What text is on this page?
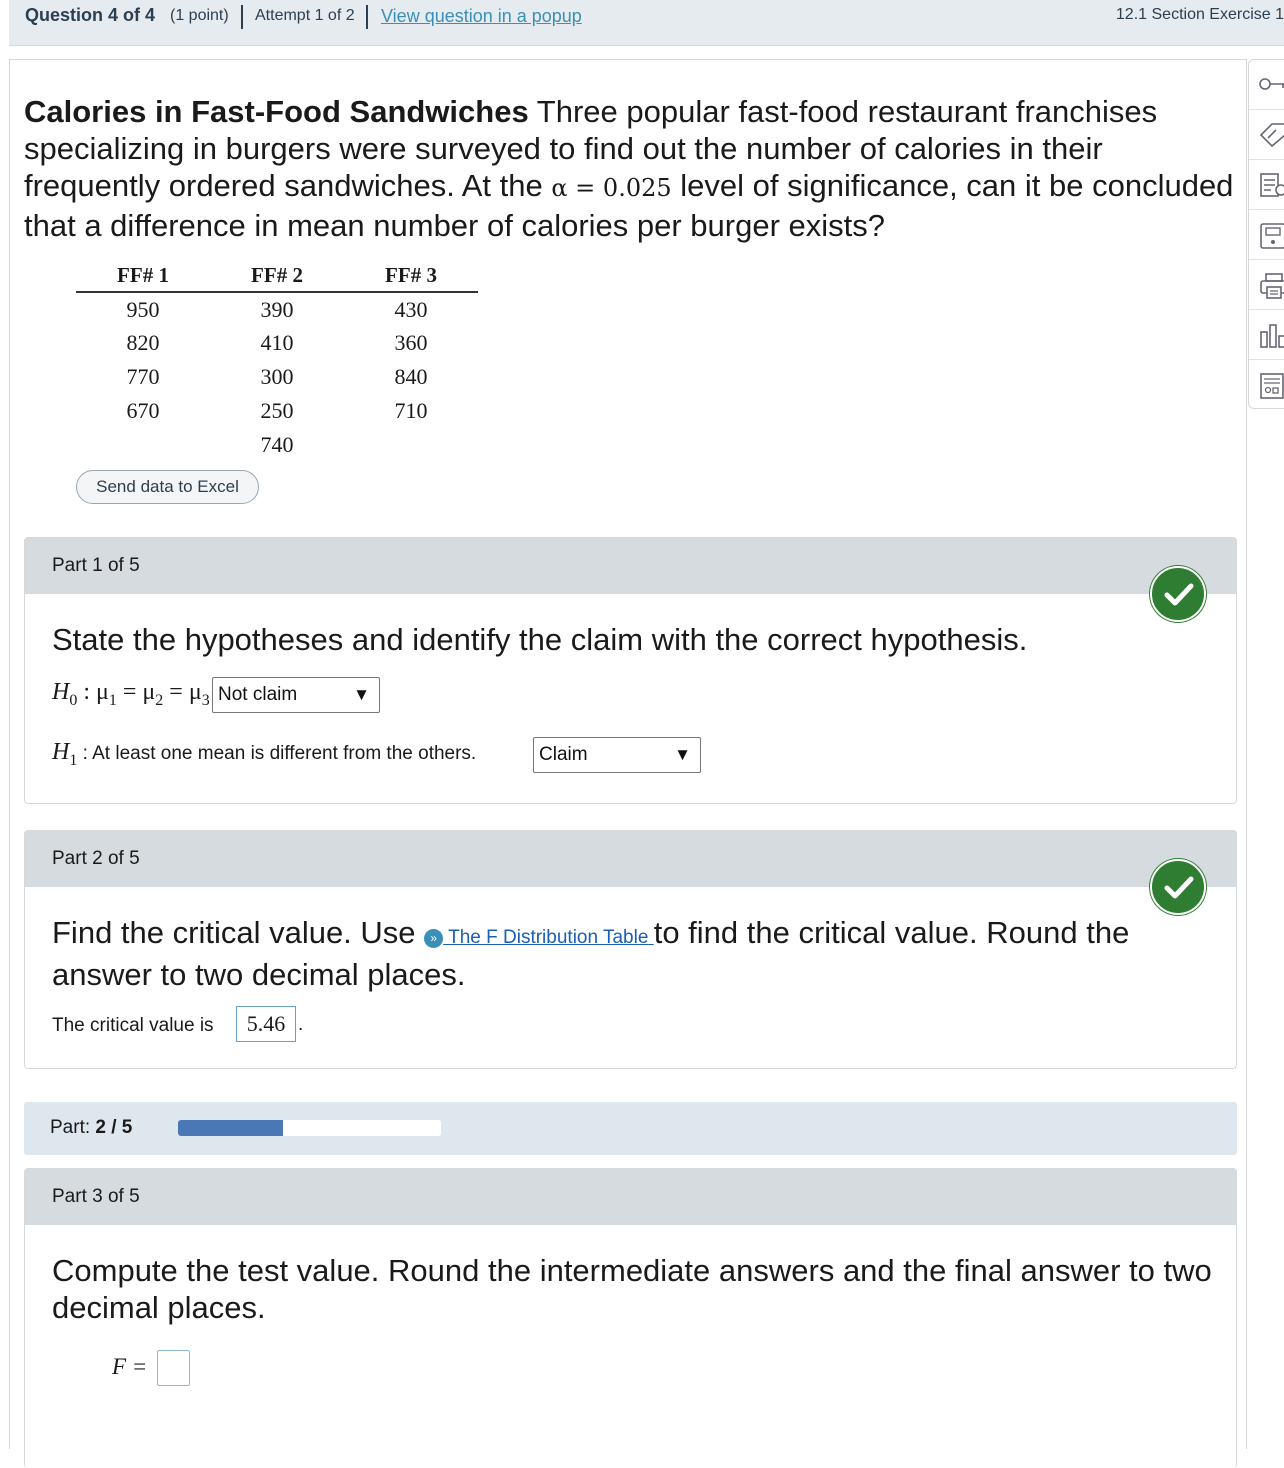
Question 4 of 4 (1 point) Attempt 1 of 2 View question in a popup	12.1 Section Exercise 1
Calories in Fast-Food Sandwiches Three popular fast-food restaurant franchises specializing in burgers were surveyed to find out the number of calories in their frequently ordered sandwiches. At the α = 0.025 level of significance, can it be concluded that a difference in mean number of calories per burger exists?
FF# 1	FF# 2	FF# 3
950	390	430
820	410	360
770	300	840
670	250	710
	740	
Send data to Excel
Part 1 of 5
State the hypotheses and identify the claim with the correct hypothesis.
$H_0$ : $\mu_1 = \mu_2 = \mu_3$ Not claim	▼
$H_1$ : At least one mean is different from the others.	Claim	▼
Part 2 of 5
Find the critical value. Use » The F Distribution Table to find the critical value. Round the answer to two decimal places.
The critical value is	5.46 .
Part: 2 / 5
Part 3 of 5
Compute the test value. Round the intermediate answers and the final answer to two decimal places.
F =
